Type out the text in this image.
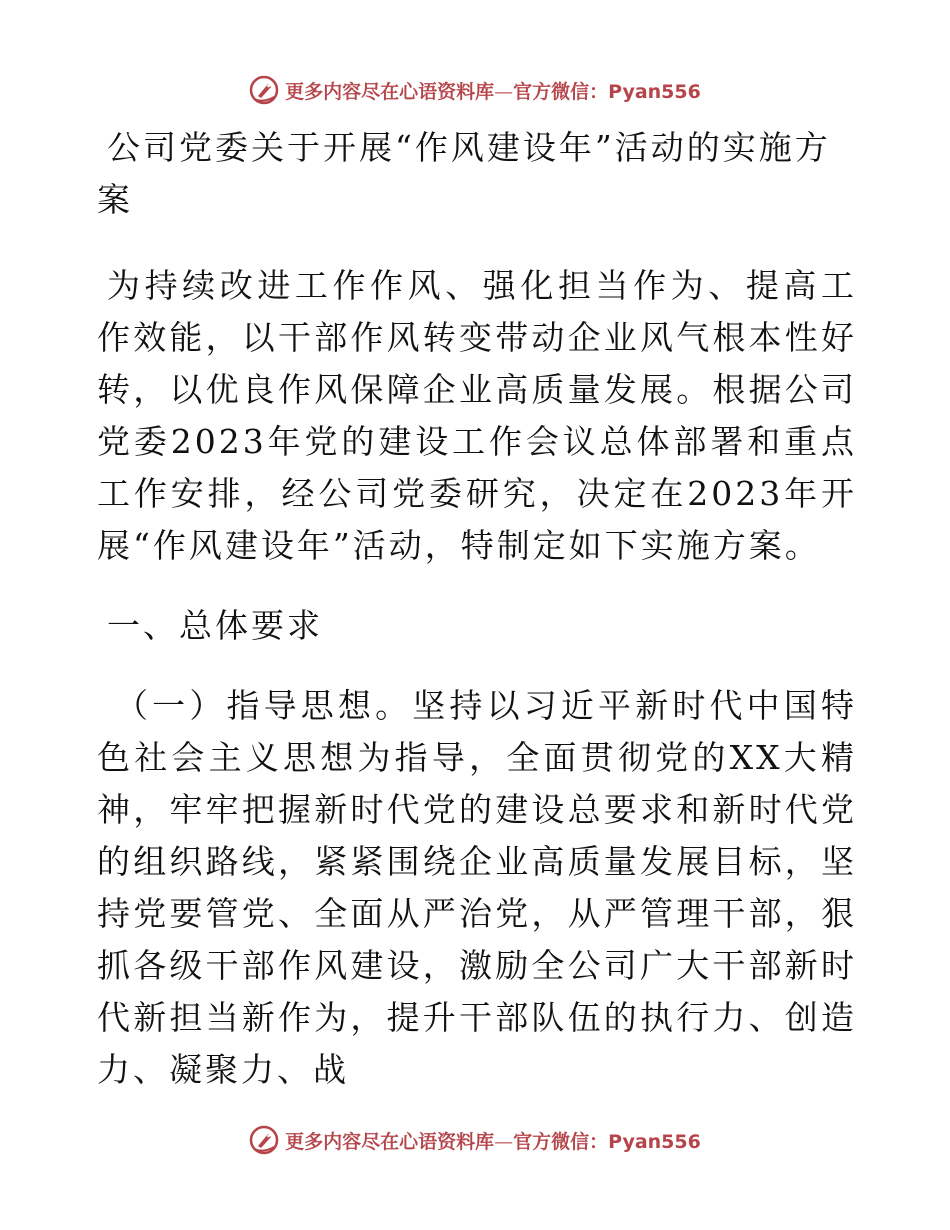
更多内容尽在心语资料库—官方微信：Pyan556
公司党委关于开展“作风建设年”活动的实施方
案

为持续改进工作作风、强化担当作为、提高工作效能，以干部作风转变带动企业风气根本性好转，以优良作风保障企业高质量发展。根据公司党委2023年党的建设工作会议总体部署和重点工作安排，经公司党委研究，决定在2023年开展“作风建设年”活动，特制定如下实施方案。

一、总体要求

（一）指导思想。坚持以习近平新时代中国特色社会主义思想为指导，全面贯彻党的XX大精神，牢牢把握新时代党的建设总要求和新时代党的组织路线，紧紧围绕企业高质量发展目标，坚持党要管党、全面从严治党，从严管理干部，狠抓各级干部作风建设，激励全公司广大干部新时代新担当新作为，提升干部队伍的执行力、创造力、凝聚力、战

更多内容尽在心语资料库—官方微信：Pyan556
